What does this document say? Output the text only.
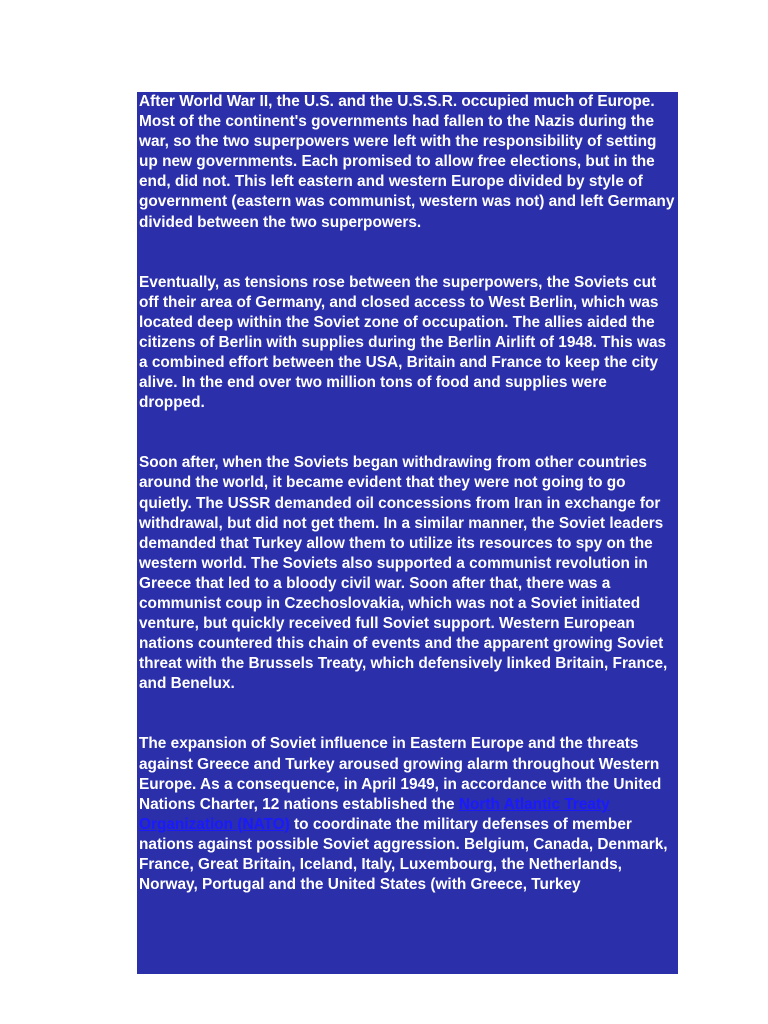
After World War II, the U.S. and the U.S.S.R. occupied much of Europe. Most of the continent's governments had fallen to the Nazis during the war, so the two superpowers were left with the responsibility of setting up new governments. Each promised to allow free elections, but in the end, did not. This left eastern and western Europe divided by style of government (eastern was communist, western was not) and left Germany divided between the two superpowers.

Eventually, as tensions rose between the superpowers, the Soviets cut off their area of Germany, and closed access to West Berlin, which was located deep within the Soviet zone of occupation. The allies aided the citizens of Berlin with supplies during the Berlin Airlift of 1948. This was a combined effort between the USA, Britain and France to keep the city alive. In the end over two million tons of food and supplies were dropped.

Soon after, when the Soviets began withdrawing from other countries around the world, it became evident that they were not going to go quietly. The USSR demanded oil concessions from Iran in exchange for withdrawal, but did not get them. In a similar manner, the Soviet leaders demanded that Turkey allow them to utilize its resources to spy on the western world. The Soviets also supported a communist revolution in Greece that led to a bloody civil war. Soon after that, there was a communist coup in Czechoslovakia, which was not a Soviet initiated venture, but quickly received full Soviet support. Western European nations countered this chain of events and the apparent growing Soviet threat with the Brussels Treaty, which defensively linked Britain, France, and Benelux.

The expansion of Soviet influence in Eastern Europe and the threats against Greece and Turkey aroused growing alarm throughout Western Europe. As a consequence, in April 1949, in accordance with the United Nations Charter, 12 nations established the North Atlantic Treaty Organization (NATO) to coordinate the military defenses of member nations against possible Soviet aggression. Belgium, Canada, Denmark, France, Great Britain, Iceland, Italy, Luxembourg, the Netherlands, Norway, Portugal and the United States (with Greece, Turkey
